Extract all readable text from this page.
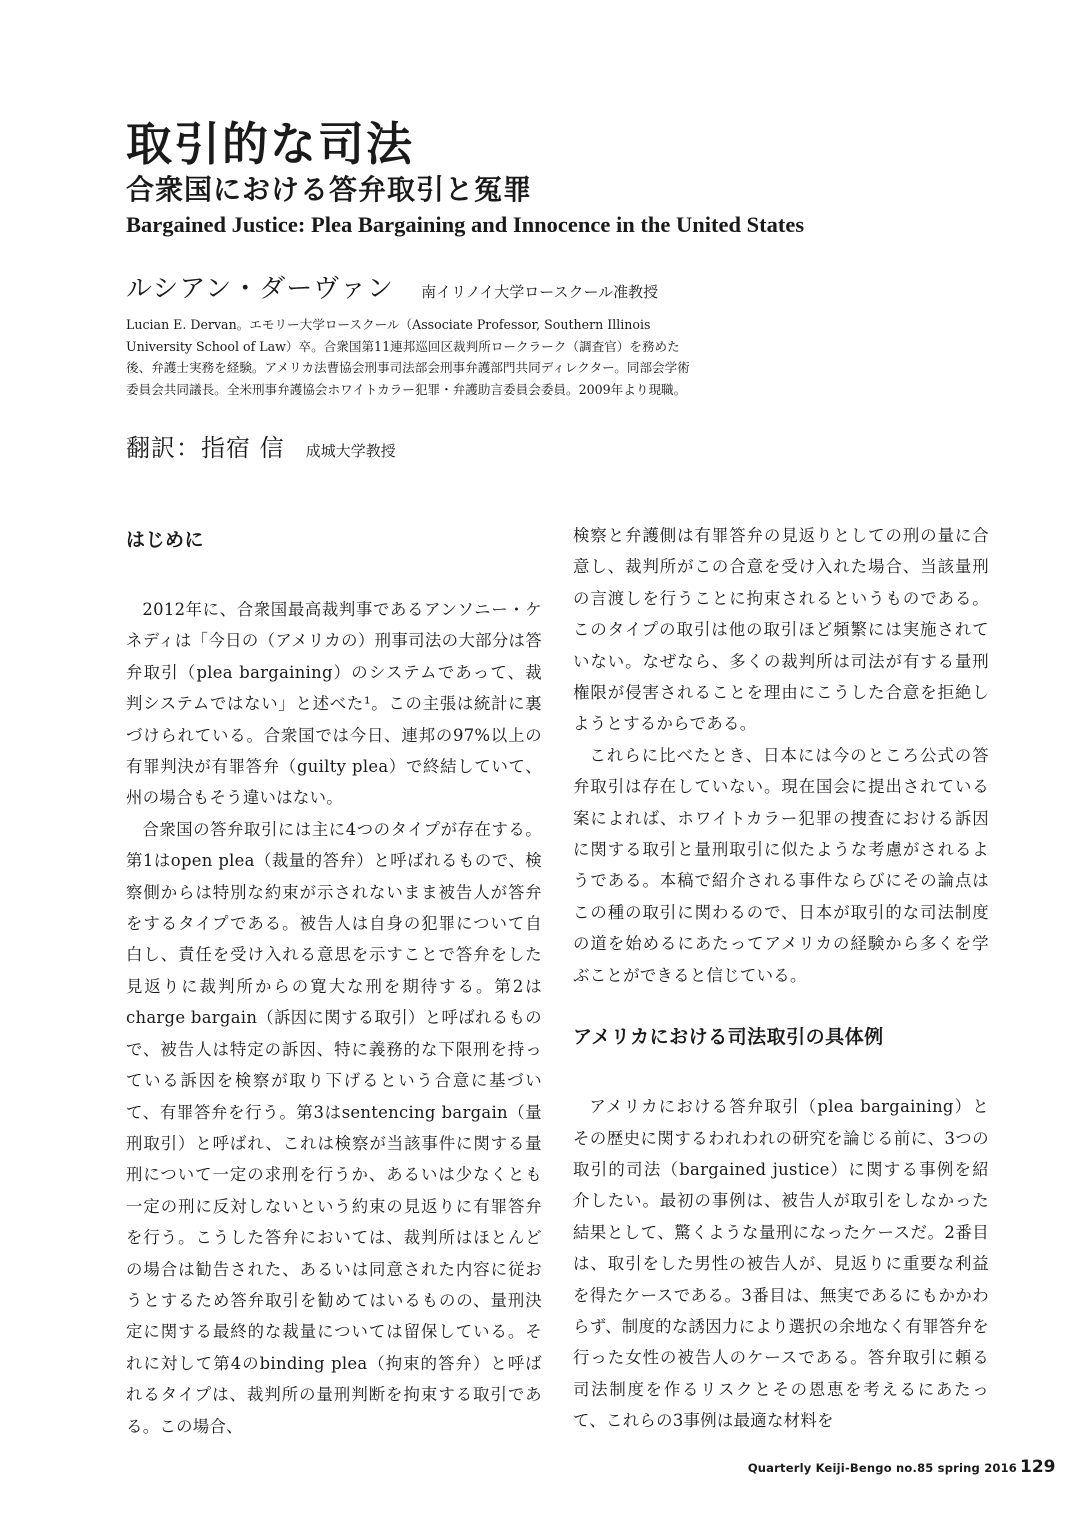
取引的な司法
合衆国における答弁取引と冤罪
Bargained Justice: Plea Bargaining and Innocence in the United States
ルシアン・ダーヴァン 南イリノイ大学ロースクール准教授

Lucian E. Dervan。エモリー大学ロースクール（Associate Professor, Southern Illinois University School of Law）卒。合衆国第11連邦巡回区裁判所ロークラーク（調査官）を務めた後、弁護士実務を経験。アメリカ法曹協会刑事司法部会刑事弁護部門共同ディレクター。同部会学術委員会共同議長。全米刑事弁護協会ホワイトカラー犯罪・弁護助言委員会委員。2009年より現職。

翻訳：指宿 信 成城大学教授
はじめに

2012年に、合衆国最高裁判事であるアンソニー・ケネディは「今日の（アメリカの）刑事司法の大部分は答弁取引（plea bargaining）のシステムであって、裁判システムではない」と述べた¹。この主張は統計に裏づけられている。合衆国では今日、連邦の97%以上の有罪判決が有罪答弁（guilty plea）で終結していて、州の場合もそう違いはない。

合衆国の答弁取引には主に4つのタイプが存在する。第1はopen plea（裁量的答弁）と呼ばれるもので、検察側からは特別な約束が示されないまま被告人が答弁をするタイプである。被告人は自身の犯罪について自白し、責任を受け入れる意思を示すことで答弁をした見返りに裁判所からの寛大な刑を期待する。第2はcharge bargain（訴因に関する取引）と呼ばれるもので、被告人は特定の訴因、特に義務的な下限刑を持っている訴因を検察が取り下げるという合意に基づいて、有罪答弁を行う。第3はsentencing bargain（量刑取引）と呼ばれ、これは検察が当該事件に関する量刑について一定の求刑を行うか、あるいは少なくとも一定の刑に反対しないという約束の見返りに有罪答弁を行う。こうした答弁においては、裁判所はほとんどの場合は勧告された、あるいは同意された内容に従おうとするため答弁取引を勧めてはいるものの、量刑決定に関する最終的な裁量については留保している。それに対して第4のbinding plea（拘束的答弁）と呼ばれるタイプは、裁判所の量刑判断を拘束する取引である。この場合、

検察と弁護側は有罪答弁の見返りとしての刑の量に合意し、裁判所がこの合意を受け入れた場合、当該量刑の言渡しを行うことに拘束されるというものである。このタイプの取引は他の取引ほど頻繁には実施されていない。なぜなら、多くの裁判所は司法が有する量刑権限が侵害されることを理由にこうした合意を拒絶しようとするからである。

これらに比べたとき、日本には今のところ公式の答弁取引は存在していない。現在国会に提出されている案によれば、ホワイトカラー犯罪の捜査における訴因に関する取引と量刑取引に似たような考慮がされるようである。本稿で紹介される事件ならびにその論点はこの種の取引に関わるので、日本が取引的な司法制度の道を始めるにあたってアメリカの経験から多くを学ぶことができると信じている。

アメリカにおける司法取引の具体例

アメリカにおける答弁取引（plea bargaining）とその歴史に関するわれわれの研究を論じる前に、3つの取引的司法（bargained justice）に関する事例を紹介したい。最初の事例は、被告人が取引をしなかった結果として、驚くような量刑になったケースだ。2番目は、取引をした男性の被告人が、見返りに重要な利益を得たケースである。3番目は、無実であるにもかかわらず、制度的な誘因力により選択の余地なく有罪答弁を行った女性の被告人のケースである。答弁取引に頼る司法制度を作るリスクとその恩恵を考えるにあたって、これらの3事例は最適な材料を

Quarterly Keiji-Bengo no.85 spring 2016 129
